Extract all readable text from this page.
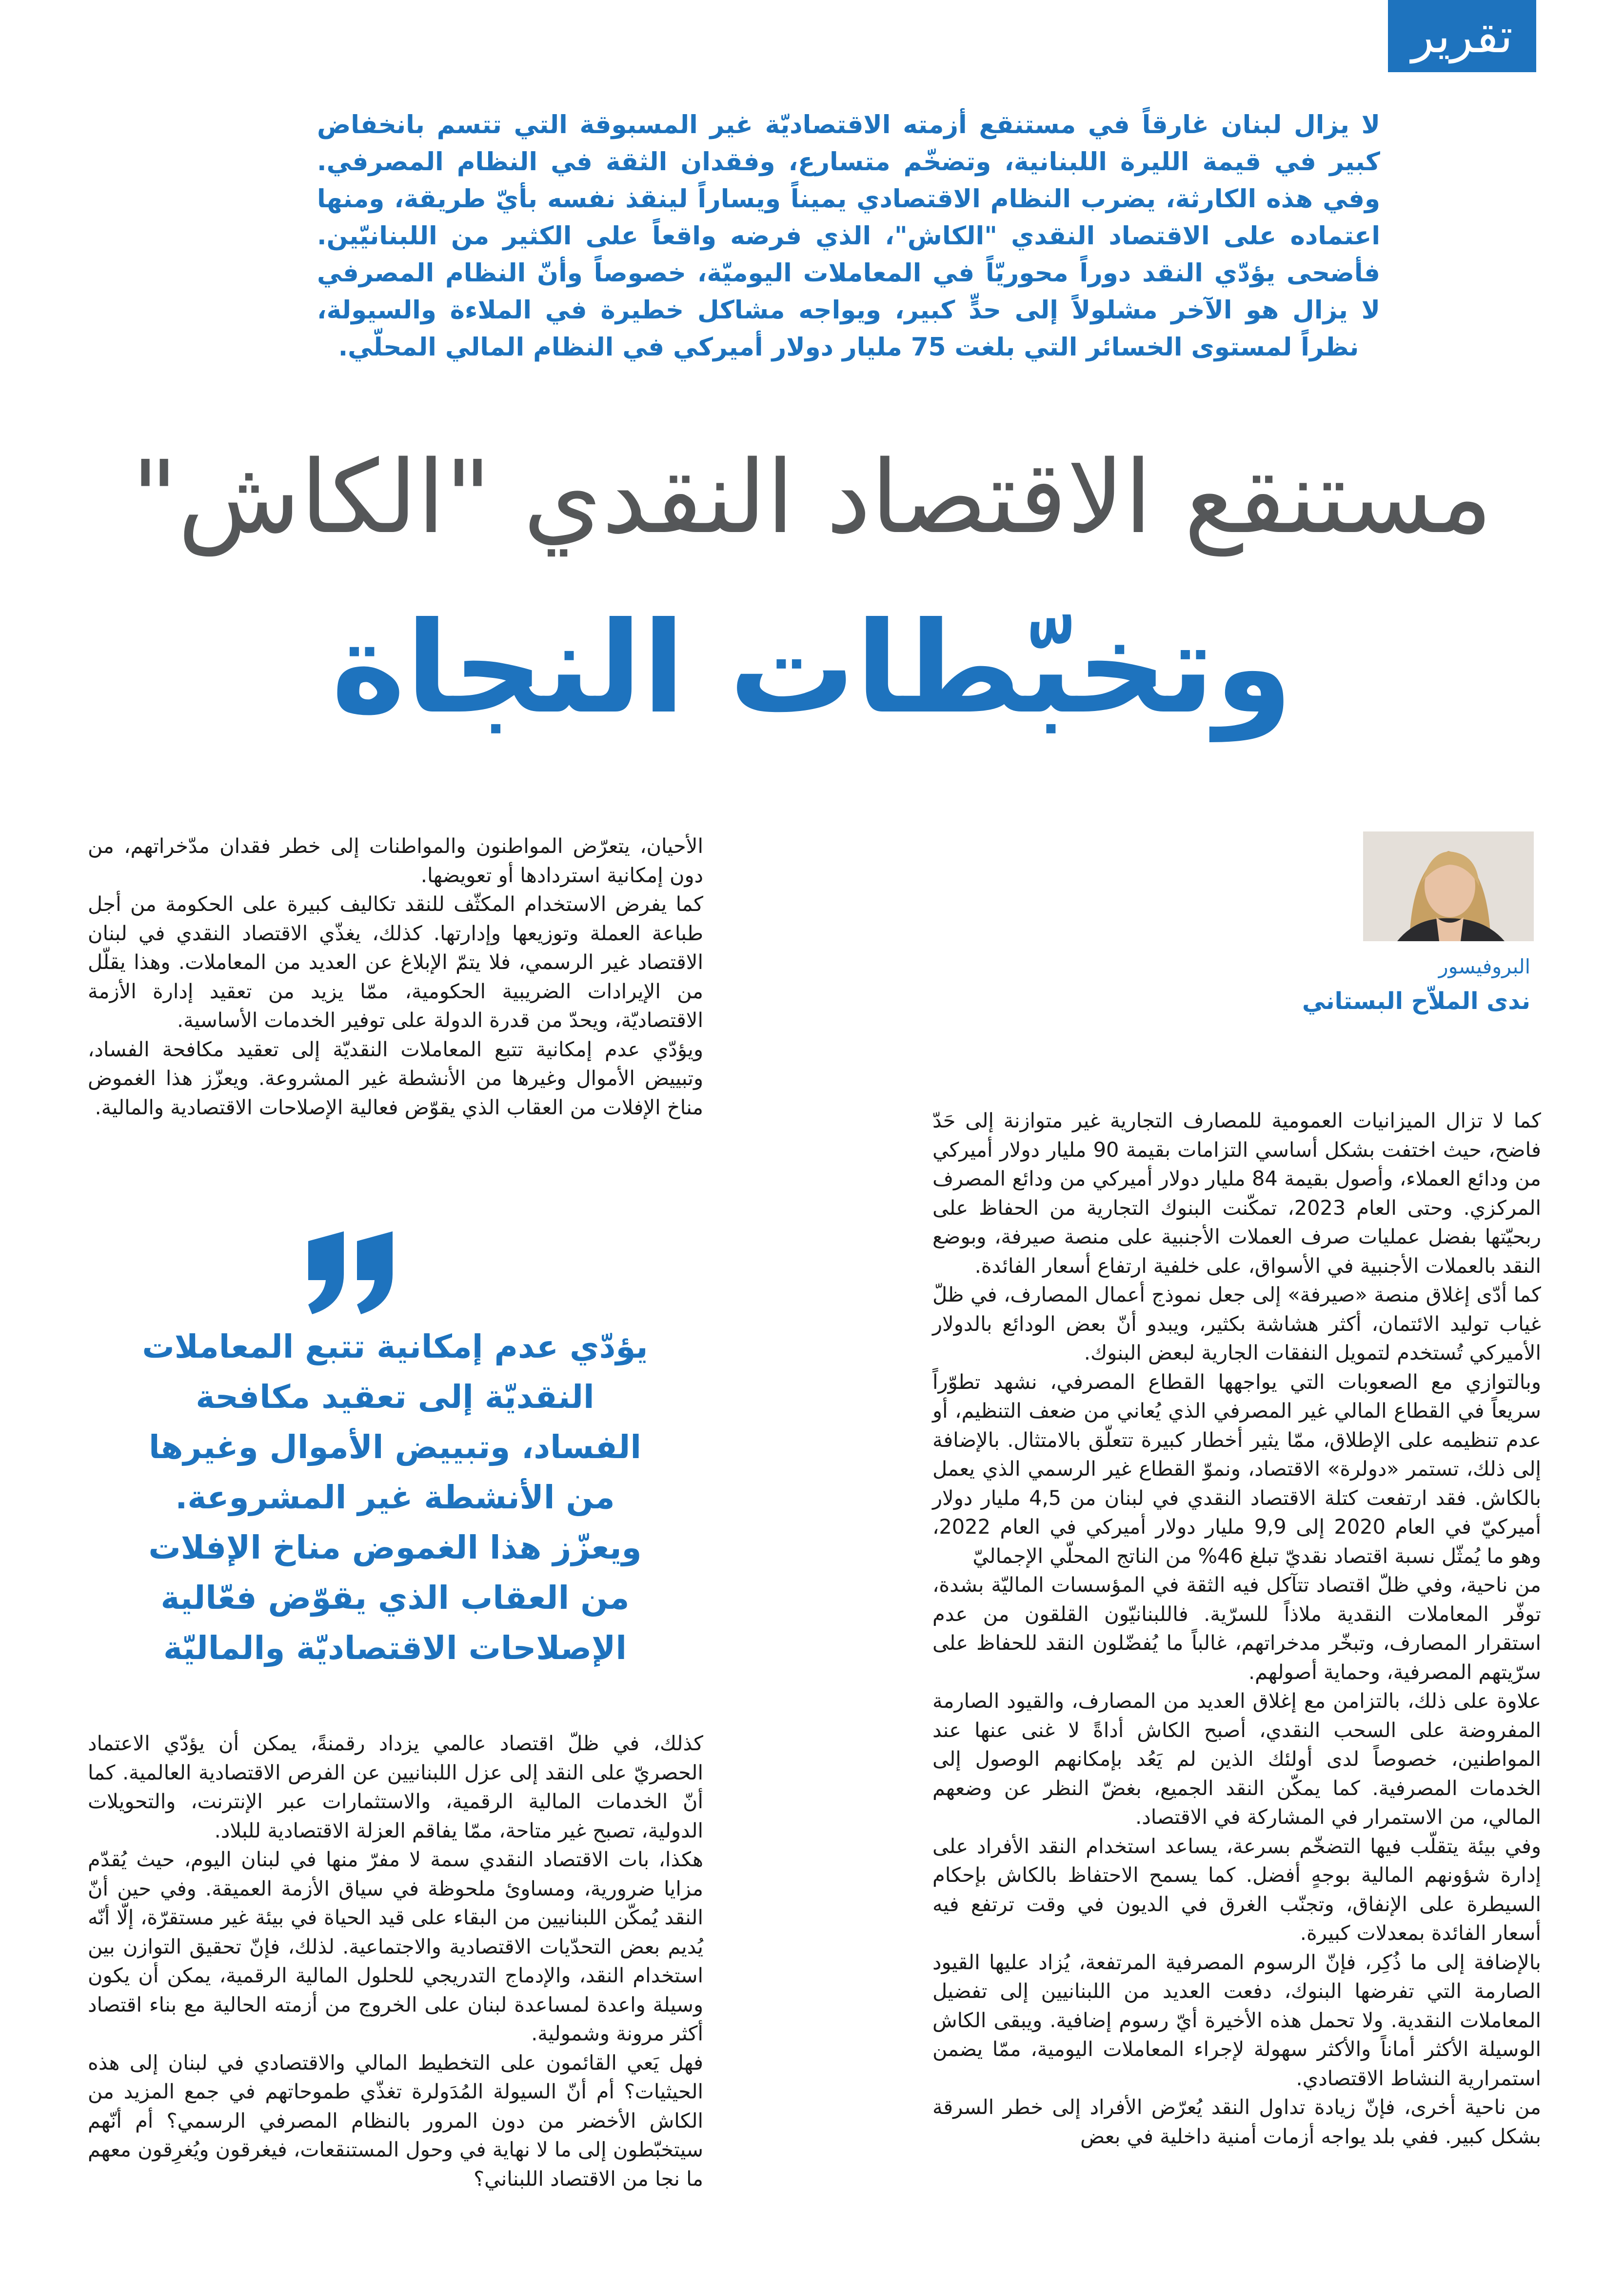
تقرير
لا يزال لبنان غارقاً في مستنقع أزمته الاقتصاديّة غير المسبوقة التي تتسم بانخفاض كبير في قيمة الليرة اللبنانية، وتضخّم متسارع، وفقدان الثقة في النظام المصرفي. وفي هذه الكارثة، يضرب النظام الاقتصادي يميناً ويساراً لينقذ نفسه بأيّ طريقة، ومنها اعتماده على الاقتصاد النقدي "الكاش"، الذي فرضه واقعاً على الكثير من اللبنانيّين. فأضحى يؤدّي النقد دوراً محوريّاً في المعاملات اليوميّة، خصوصاً وأنّ النظام المصرفي لا يزال هو الآخر مشلولاً إلى حدٍّ كبير، ويواجه مشاكل خطيرة في الملاءة والسيولة، نظراً لمستوى الخسائر التي بلغت 75 مليار دولار أميركي في النظام المالي المحلّي.
مستنقع الاقتصاد النقدي "الكاش"
وتخبّطات النجاة
البروفيسور
ندى الملاّح البستاني

كما لا تزال الميزانيات العمومية للمصارف التجارية غير متوازنة إلى حَدّ فاضح، حيث اختفت بشكل أساسي التزامات بقيمة 90 مليار دولار أميركي من ودائع العملاء، وأصول بقيمة 84 مليار دولار أميركي من ودائع المصرف المركزي. وحتى العام 2023، تمكّنت البنوك التجارية من الحفاظ على ربحيّتها بفضل عمليات صرف العملات الأجنبية على منصة صيرفة، وبوضع النقد بالعملات الأجنبية في الأسواق، على خلفية ارتفاع أسعار الفائدة.

كما أدّى إغلاق منصة «صيرفة» إلى جعل نموذج أعمال المصارف، في ظلّ غياب توليد الائتمان، أكثر هشاشة بكثير، ويبدو أنّ بعض الودائع بالدولار الأميركي تُستخدم لتمويل النفقات الجارية لبعض البنوك.

وبالتوازي مع الصعوبات التي يواجهها القطاع المصرفي، نشهد تطوّراً سريعاً في القطاع المالي غير المصرفي الذي يُعاني من ضعف التنظيم، أو عدم تنظيمه على الإطلاق، ممّا يثير أخطار كبيرة تتعلّق بالامتثال. بالإضافة إلى ذلك، تستمر «دولرة» الاقتصاد، ونموّ القطاع غير الرسمي الذي يعمل بالكاش. فقد ارتفعت كتلة الاقتصاد النقدي في لبنان من 4,5 مليار دولار أميركيّ في العام 2020 إلى 9,9 مليار دولار أميركي في العام 2022، وهو ما يُمثّل نسبة اقتصاد نقديّ تبلغ 46% من الناتج المحلّي الإجماليّ

من ناحية، وفي ظلّ اقتصاد تتآكل فيه الثقة في المؤسسات الماليّة بشدة، توفّر المعاملات النقدية ملاذاً للسرّية. فاللبنانيّون القلقون من عدم استقرار المصارف، وتبخّر مدخراتهم، غالباً ما يُفضّلون النقد للحفاظ على سرّيتهم المصرفية، وحماية أصولهم.

علاوة على ذلك، بالتزامن مع إغلاق العديد من المصارف، والقيود الصارمة المفروضة على السحب النقدي، أصبح الكاش أداةً لا غنى عنها عند المواطنين، خصوصاً لدى أولئك الذين لم يَعُد بإمكانهم الوصول إلى الخدمات المصرفية. كما يمكّن النقد الجميع، بغضّ النظر عن وضعهم المالي، من الاستمرار في المشاركة في الاقتصاد.

وفي بيئة يتقلّب فيها التضخّم بسرعة، يساعد استخدام النقد الأفراد على إدارة شؤونهم المالية بوجهٍ أفضل. كما يسمح الاحتفاظ بالكاش بإحكام السيطرة على الإنفاق، وتجنّب الغرق في الديون في وقت ترتفع فيه أسعار الفائدة بمعدلات كبيرة.

بالإضافة إلى ما ذُكِر، فإنّ الرسوم المصرفية المرتفعة، يُزاد عليها القيود الصارمة التي تفرضها البنوك، دفعت العديد من اللبنانيين إلى تفضيل المعاملات النقدية. ولا تحمل هذه الأخيرة أيّ رسوم إضافية. ويبقى الكاش الوسيلة الأكثر أماناً والأكثر سهولة لإجراء المعاملات اليومية، ممّا يضمن استمرارية النشاط الاقتصادي.

من ناحية أخرى، فإنّ زيادة تداول النقد يُعرّض الأفراد إلى خطر السرقة بشكل كبير. ففي بلد يواجه أزمات أمنية داخلية في بعض

الأحيان، يتعرّض المواطنون والمواطنات إلى خطر فقدان مدّخراتهم، من دون إمكانية استردادها أو تعويضها.

كما يفرض الاستخدام المكثّف للنقد تكاليف كبيرة على الحكومة من أجل طباعة العملة وتوزيعها وإدارتها. كذلك، يغذّي الاقتصاد النقدي في لبنان الاقتصاد غير الرسمي، فلا يتمّ الإبلاغ عن العديد من المعاملات. وهذا يقلّل من الإيرادات الضريبية الحكومية، ممّا يزيد من تعقيد إدارة الأزمة الاقتصاديّة، ويحدّ من قدرة الدولة على توفير الخدمات الأساسية.

ويؤدّي عدم إمكانية تتبع المعاملات النقديّة إلى تعقيد مكافحة الفساد، وتبييض الأموال وغيرها من الأنشطة غير المشروعة. ويعزّز هذا الغموض مناخ الإفلات من العقاب الذي يقوّض فعالية الإصلاحات الاقتصادية والمالية.

يؤدّي عدم إمكانية تتبع المعاملات النقديّة إلى تعقيد مكافحة الفساد، وتبييض الأموال وغيرها من الأنشطة غير المشروعة. ويعزّز هذا الغموض مناخ الإفلات من العقاب الذي يقوّض فعّالية الإصلاحات الاقتصاديّة والماليّة

كذلك، في ظلّ اقتصاد عالمي يزداد رقمنةً، يمكن أن يؤدّي الاعتماد الحصريّ على النقد إلى عزل اللبنانيين عن الفرص الاقتصادية العالمية. كما أنّ الخدمات المالية الرقمية، والاستثمارات عبر الإنترنت، والتحويلات الدولية، تصبح غير متاحة، ممّا يفاقم العزلة الاقتصادية للبلاد.

هكذا، بات الاقتصاد النقدي سمة لا مفرّ منها في لبنان اليوم، حيث يُقدّم مزايا ضرورية، ومساوئ ملحوظة في سياق الأزمة العميقة. وفي حين أنّ النقد يُمكّن اللبنانيين من البقاء على قيد الحياة في بيئة غير مستقرّة، إلّا أنّه يُديم بعض التحدّيات الاقتصادية والاجتماعية. لذلك، فإنّ تحقيق التوازن بين استخدام النقد، والإدماج التدريجي للحلول المالية الرقمية، يمكن أن يكون وسيلة واعدة لمساعدة لبنان على الخروج من أزمته الحالية مع بناء اقتصاد أكثر مرونة وشمولية.

فهل يَعي القائمون على التخطيط المالي والاقتصادي في لبنان إلى هذه الحيثيات؟ أم أنّ السيولة المُدَولرة تغذّي طموحاتهم في جمع المزيد من الكاش الأخضر من دون المرور بالنظام المصرفي الرسمي؟ أم أنّهم سيتخبّطون إلى ما لا نهاية في وحول المستنقعات، فيغرقون ويُغرِقون معهم ما نجا من الاقتصاد اللبناني؟
